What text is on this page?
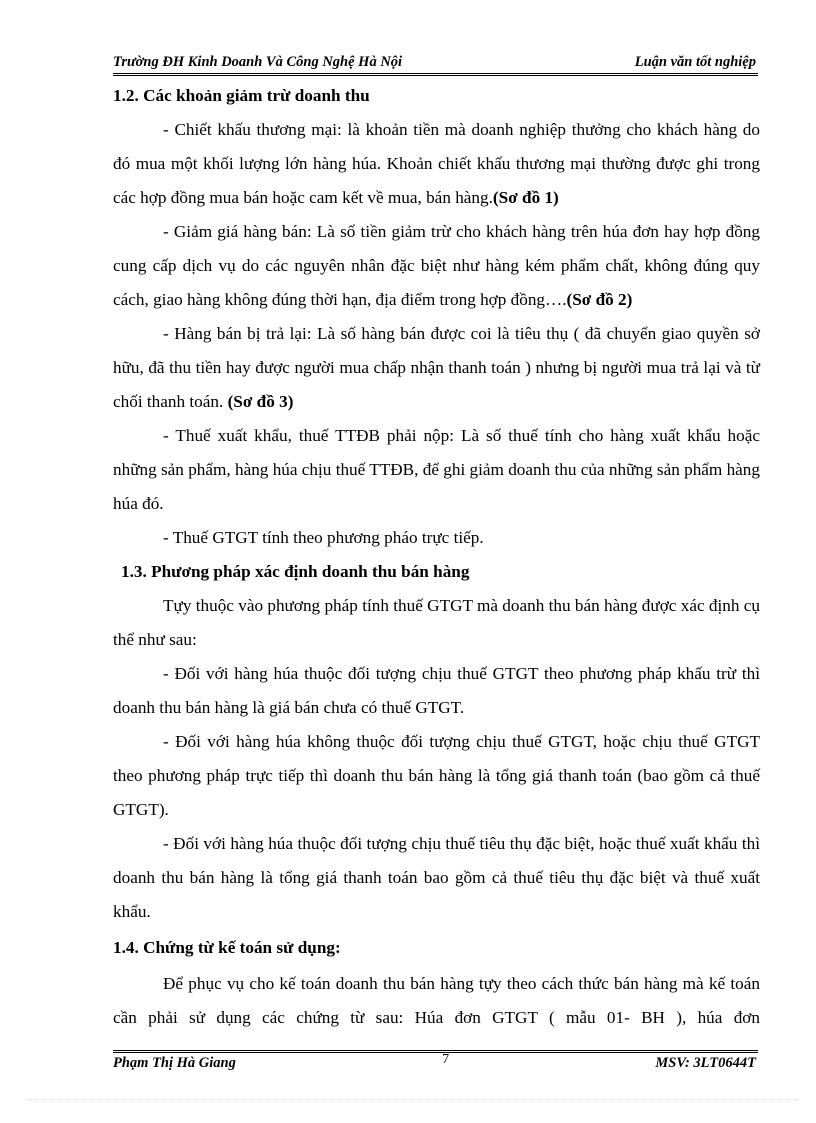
Trường ĐH Kinh Doanh Và Công Nghệ Hà Nội	Luận văn tốt nghiệp
1.2. Các khoản giảm trừ doanh thu

- Chiết khấu thương mại: là khoản tiền mà doanh nghiệp thưởng cho khách hàng do đó mua một khối lượng lớn hàng húa. Khoản chiết khấu thương mại thường được ghi trong các hợp đồng mua bán hoặc cam kết về mua, bán hàng.(Sơ đồ 1)

- Giảm giá hàng bán: Là số tiền giảm trừ cho khách hàng trên húa đơn hay hợp đồng cung cấp dịch vụ do các nguyên nhân đặc biệt như hàng kém phẩm chất, không đúng quy cách, giao hàng không đúng thời hạn, địa điểm trong hợp đồng….(Sơ đồ 2)

- Hàng bán bị trả lại: Là số hàng bán được coi là tiêu thụ ( đã chuyển giao quyền sở hữu, đã thu tiền hay được người mua chấp nhận thanh toán ) nhưng bị người mua trả lại và từ chối thanh toán. (Sơ đồ 3)

- Thuế xuất khẩu, thuế TTĐB phải nộp: Là số thuế tính cho hàng xuất khẩu hoặc những sản phẩm, hàng húa chịu thuế TTĐB, để ghi giảm doanh thu của những sản phẩm hàng húa đó.

- Thuế GTGT tính theo phương pháo trực tiếp.

1.3. Phương pháp xác định doanh thu bán hàng

Tựy thuộc vào phương pháp tính thuế GTGT mà doanh thu bán hàng được xác định cụ thể như sau:

- Đối với hàng húa thuộc đối tượng chịu thuế GTGT theo phương pháp khấu trừ thì doanh thu bán hàng là giá bán chưa có thuế GTGT.

- Đối với hàng húa không thuộc đối tượng chịu thuế GTGT, hoặc chịu thuế GTGT theo phương pháp trực tiếp thì doanh thu bán hàng là tổng giá thanh toán (bao gồm cả thuế GTGT).

- Đối với hàng húa thuộc đối tượng chịu thuế tiêu thụ đặc biệt, hoặc thuế xuất khẩu thì doanh thu bán hàng là tổng giá thanh toán bao gồm cả thuế tiêu thụ đặc biệt và thuế xuất khẩu.

1.4. Chứng từ kế toán sử dụng:

Để phục vụ cho kế toán doanh thu bán hàng tựy theo cách thức bán hàng mà kế toán cần phải sử dụng các chứng từ sau: Húa đơn GTGT ( mẫu 01- BH ), húa đơn

Phạm Thị Hà Giang	7	MSV: 3LT0644T
